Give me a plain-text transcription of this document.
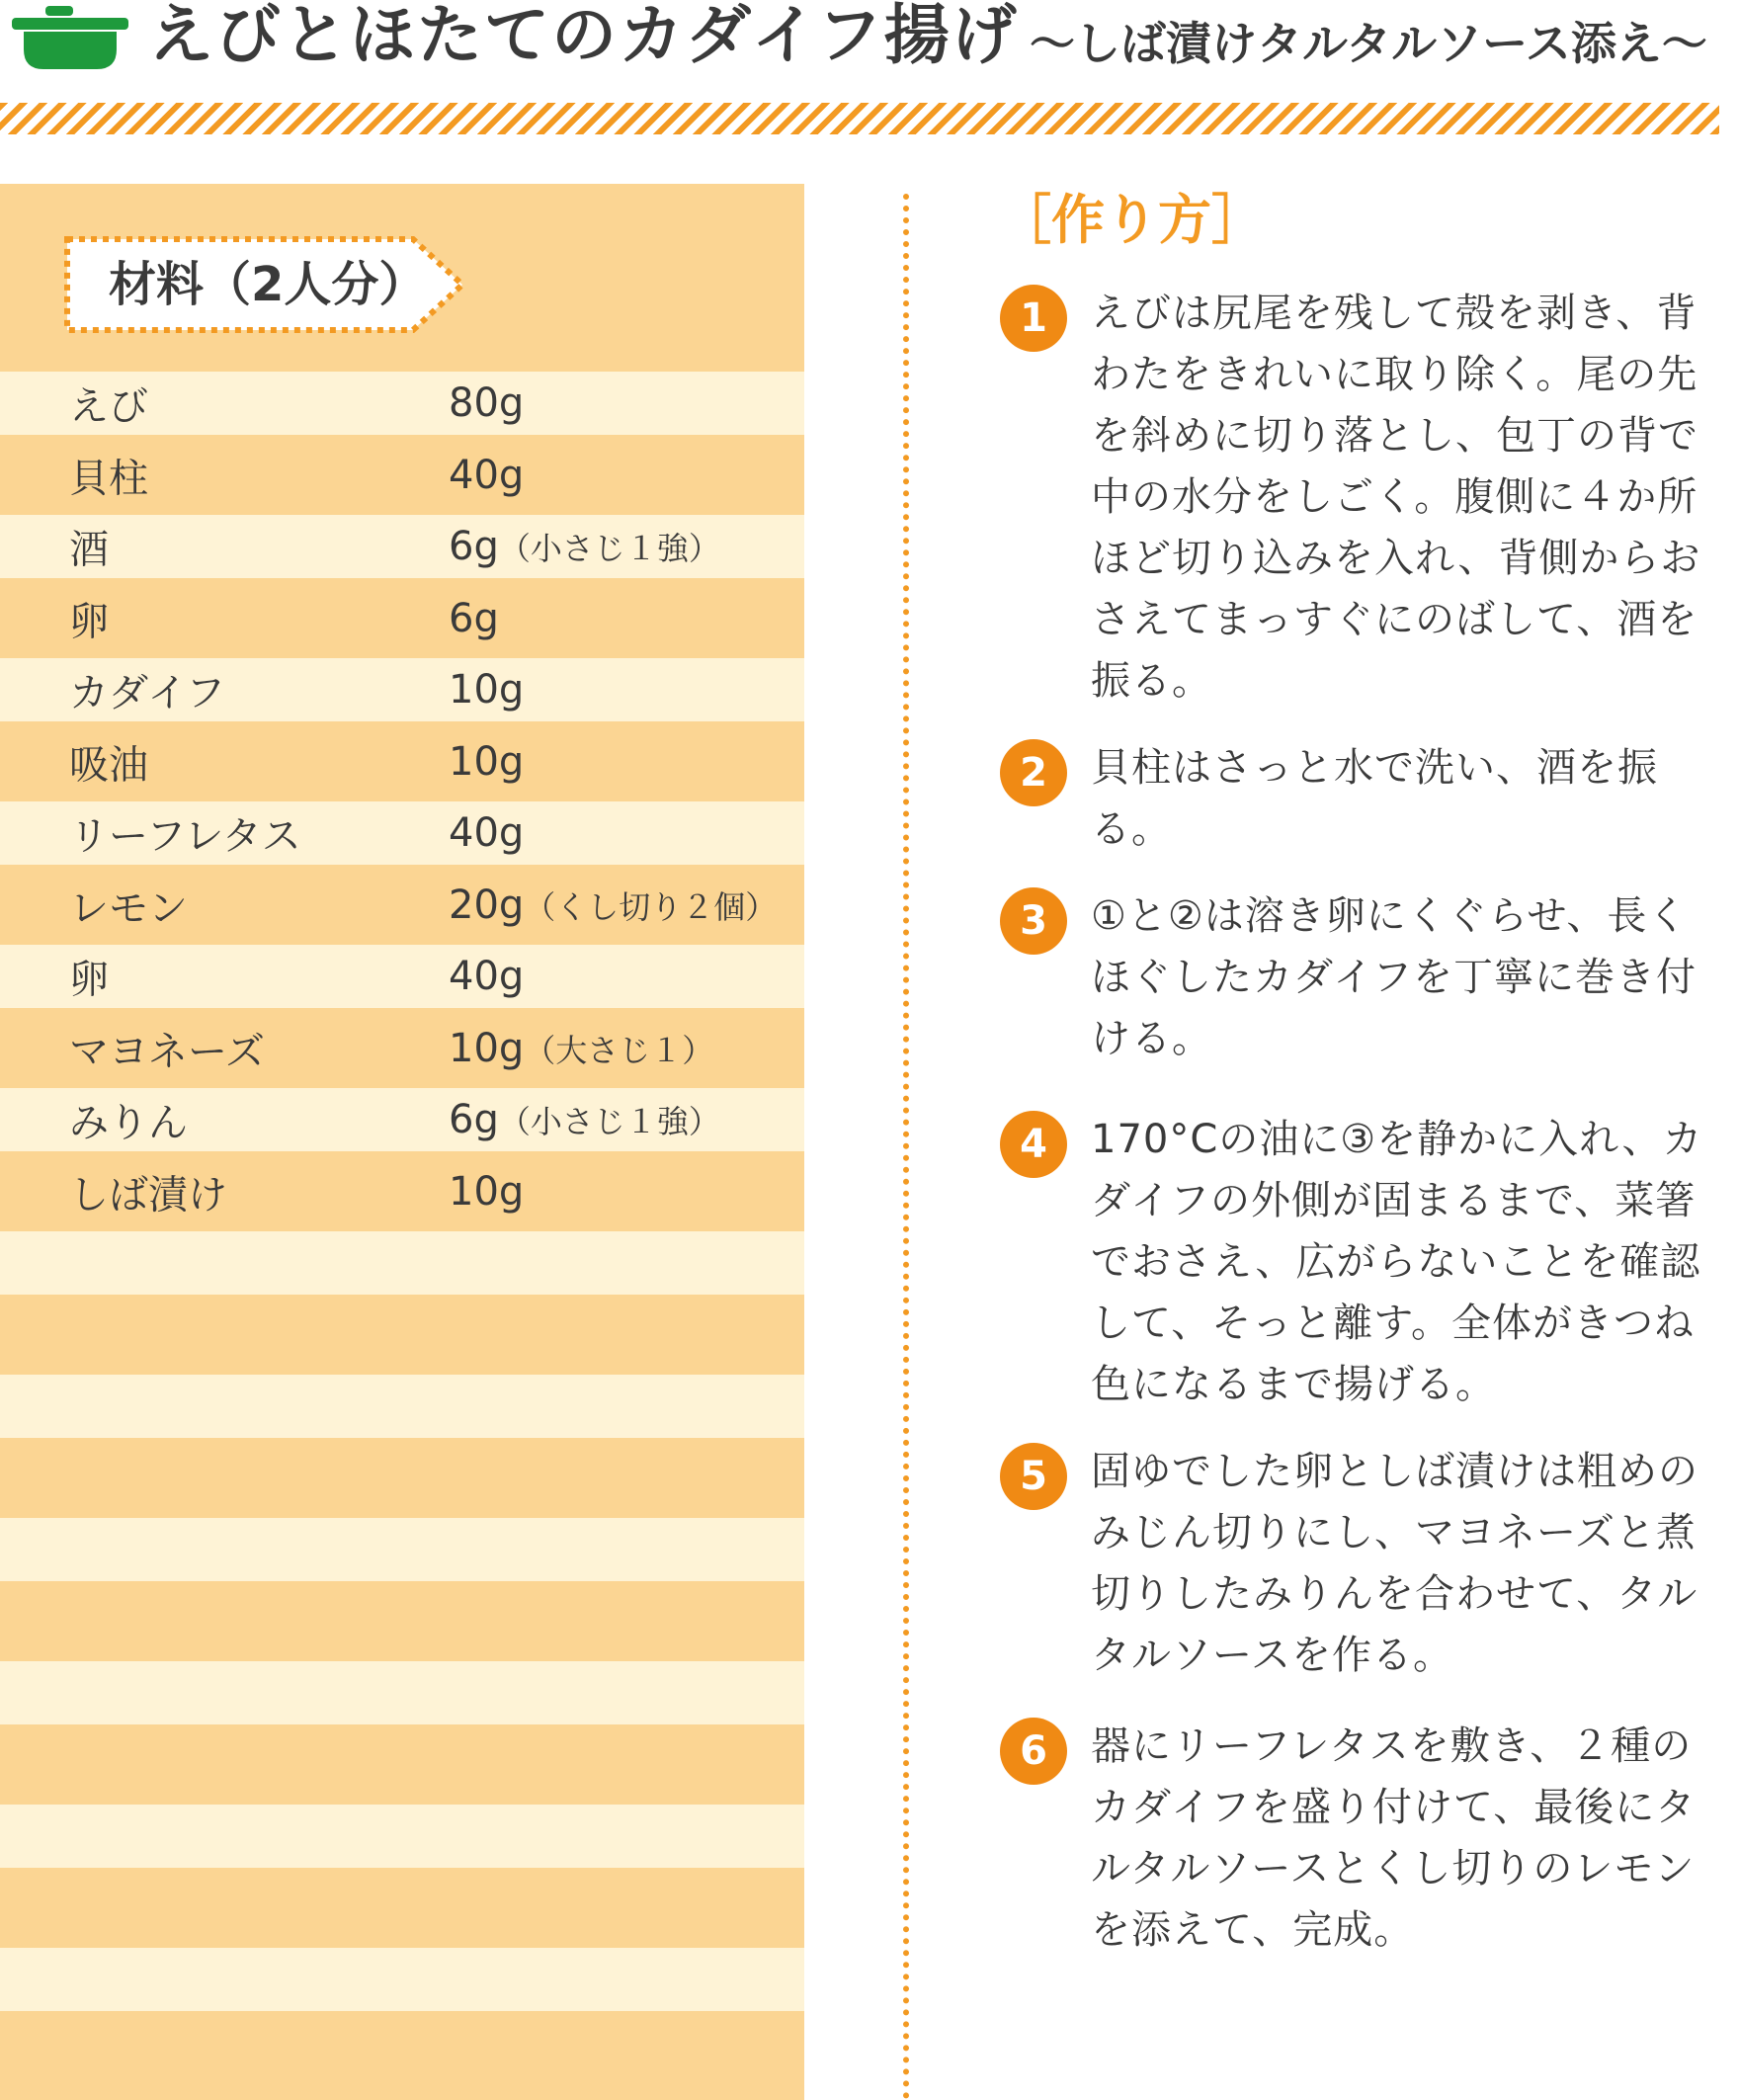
えびとほたてのカダイフ揚げ 〜しば漬けタルタルソース添え〜
材料（2人分）
えび	80g
貝柱	40g
酒	6g（小さじ１強）
卵	6g
カダイフ	10g
吸油	10g
リーフレタス	40g
レモン	20g（くし切り２個）
卵	40g
マヨネーズ	10g（大さじ１）
みりん	6g（小さじ１強）
しば漬け	10g
［作り方］
1	えびは尻尾を残して殻を剥き、背わたをきれいに取り除く。尾の先を斜めに切り落とし、包丁の背で中の水分をしごく。腹側に４か所ほど切り込みを入れ、背側からおさえてまっすぐにのばして、酒を振る。
2	貝柱はさっと水で洗い、酒を振る。
3	①と②は溶き卵にくぐらせ、長くほぐしたカダイフを丁寧に巻き付ける。
4	170°Cの油に③を静かに入れ、カダイフの外側が固まるまで、菜箸でおさえ、広がらないことを確認して、そっと離す。全体がきつね色になるまで揚げる。
5	固ゆでした卵としば漬けは粗めのみじん切りにし、マヨネーズと煮切りしたみりんを合わせて、タルタルソースを作る。
6	器にリーフレタスを敷き、２種のカダイフを盛り付けて、最後にタルタルソースとくし切りのレモンを添えて、完成。
